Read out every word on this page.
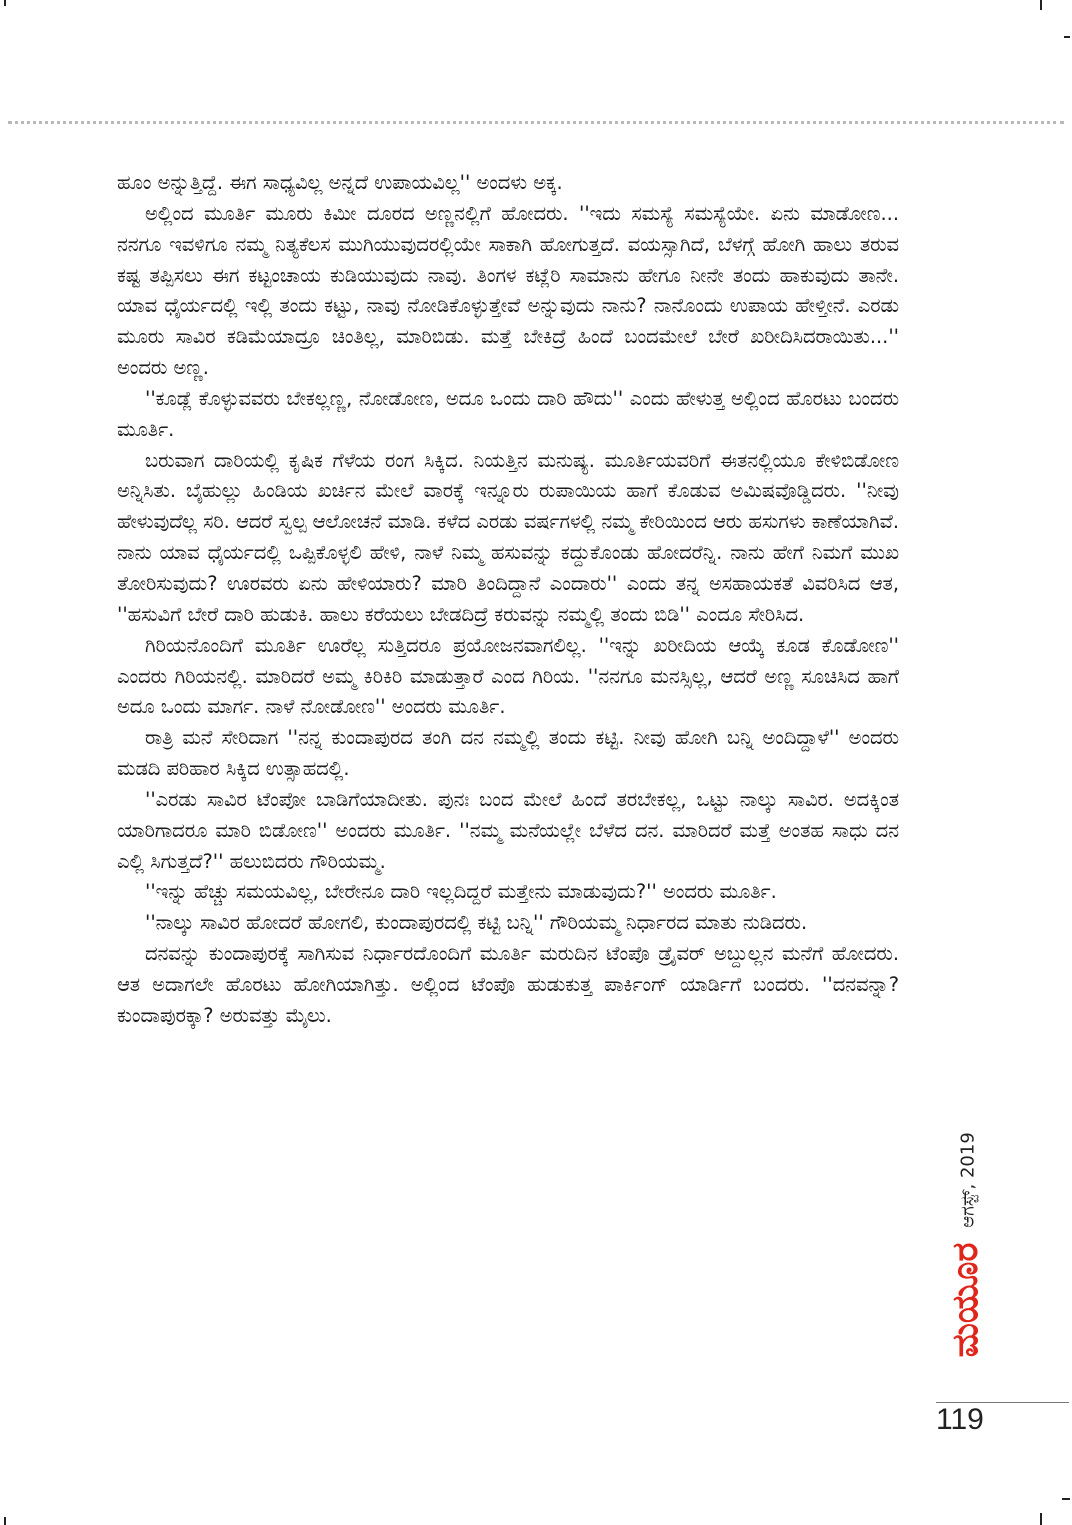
ಹೂಂ ಅನ್ನುತ್ತಿದ್ದೆ. ಈಗ ಸಾಧ್ಯವಿಲ್ಲ ಅನ್ನದೆ ಉಪಾಯವಿಲ್ಲ'' ಅಂದಳು ಅಕ್ಕ.

ಅಲ್ಲಿಂದ ಮೂರ್ತಿ ಮೂರು ಕಿಮೀ ದೂರದ ಅಣ್ಣನಲ್ಲಿಗೆ ಹೋದರು. ''ಇದು ಸಮಸ್ಯೆ ಸಮಸ್ಯೆಯೇ. ಏನು ಮಾಡೋಣ... ನನಗೂ ಇವಳಿಗೂ ನಮ್ಮ ನಿತ್ಯಕೆಲಸ ಮುಗಿಯುವುದರಲ್ಲಿಯೇ ಸಾಕಾಗಿ ಹೋಗುತ್ತದೆ. ವಯಸ್ಸಾಗಿದೆ, ಬೆಳಗ್ಗೆ ಹೋಗಿ ಹಾಲು ತರುವ ಕಷ್ಟ ತಪ್ಪಿಸಲು ಈಗ ಕಟ್ಟಂಚಾಯ ಕುಡಿಯುವುದು ನಾವು. ತಿಂಗಳ ಕಟ್ಲೆರಿ ಸಾಮಾನು ಹೇಗೂ ನೀನೇ ತಂದು ಹಾಕುವುದು ತಾನೇ. ಯಾವ ಧೈರ್ಯದಲ್ಲಿ ಇಲ್ಲಿ ತಂದು ಕಟ್ಟು, ನಾವು ನೋಡಿಕೊಳ್ಳುತ್ತೇವೆ ಅನ್ನುವುದು ನಾನು? ನಾನೊಂದು ಉಪಾಯ ಹೇಳ್ತೀನೆ. ಎರಡು ಮೂರು ಸಾವಿರ ಕಡಿಮೆಯಾದ್ರೂ ಚಿಂತಿಲ್ಲ, ಮಾರಿಬಿಡು. ಮತ್ತೆ ಬೇಕಿದ್ರೆ ಹಿಂದೆ ಬಂದಮೇಲೆ ಬೇರೆ ಖರೀದಿಸಿದರಾಯಿತು...'' ಅಂದರು ಅಣ್ಣ.

''ಕೂಡ್ಲೆ ಕೊಳ್ಳುವವರು ಬೇಕಲ್ಲಣ್ಣ, ನೋಡೋಣ, ಅದೂ ಒಂದು ದಾರಿ ಹೌದು'' ಎಂದು ಹೇಳುತ್ತ ಅಲ್ಲಿಂದ ಹೊರಟು ಬಂದರು ಮೂರ್ತಿ.

ಬರುವಾಗ ದಾರಿಯಲ್ಲಿ ಕೃಷಿಕ ಗೆಳೆಯ ರಂಗ ಸಿಕ್ಕಿದ. ನಿಯತ್ತಿನ ಮನುಷ್ಯ. ಮೂರ್ತಿಯವರಿಗೆ ಈತನಲ್ಲಿಯೂ ಕೇಳಿಬಿಡೋಣ ಅನ್ನಿಸಿತು. ಬೈಹುಲ್ಲು ಹಿಂಡಿಯ ಖರ್ಚಿನ ಮೇಲೆ ವಾರಕ್ಕೆ ಇನ್ನೂರು ರುಪಾಯಿಯ ಹಾಗೆ ಕೊಡುವ ಅಮಿಷವೊಡ್ಡಿದರು. ''ನೀವು ಹೇಳುವುದೆಲ್ಲ ಸರಿ. ಆದರೆ ಸ್ವಲ್ಪ ಆಲೋಚನೆ ಮಾಡಿ. ಕಳೆದ ಎರಡು ವರ್ಷಗಳಲ್ಲಿ ನಮ್ಮ ಕೇರಿಯಿಂದ ಆರು ಹಸುಗಳು ಕಾಣೆಯಾಗಿವೆ. ನಾನು ಯಾವ ಧೈರ್ಯದಲ್ಲಿ ಒಪ್ಪಿಕೊಳ್ಳಲಿ ಹೇಳಿ, ನಾಳೆ ನಿಮ್ಮ ಹಸುವನ್ನು ಕದ್ದುಕೊಂಡು ಹೋದರೆನ್ನಿ. ನಾನು ಹೇಗೆ ನಿಮಗೆ ಮುಖ ತೋರಿಸುವುದು? ಊರವರು ಏನು ಹೇಳಿಯಾರು? ಮಾರಿ ತಿಂದಿದ್ದಾನೆ ಎಂದಾರು'' ಎಂದು ತನ್ನ ಅಸಹಾಯಕತೆ ವಿವರಿಸಿದ ಆತ, ''ಹಸುವಿಗೆ ಬೇರೆ ದಾರಿ ಹುಡುಕಿ. ಹಾಲು ಕರೆಯಲು ಬೇಡದಿದ್ರೆ ಕರುವನ್ನು ನಮ್ಮಲ್ಲಿ ತಂದು ಬಿಡಿ'' ಎಂದೂ ಸೇರಿಸಿದ.

ಗಿರಿಯನೊಂದಿಗೆ ಮೂರ್ತಿ ಊರೆಲ್ಲ ಸುತ್ತಿದರೂ ಪ್ರಯೋಜನವಾಗಲಿಲ್ಲ. ''ಇನ್ನು ಖರೀದಿಯ ಆಯ್ಕೆ ಕೂಡ ಕೊಡೋಣ'' ಎಂದರು ಗಿರಿಯನಲ್ಲಿ. ಮಾರಿದರೆ ಅಮ್ಮ ಕಿರಿಕಿರಿ ಮಾಡುತ್ತಾರೆ ಎಂದ ಗಿರಿಯ. ''ನನಗೂ ಮನಸ್ಸಿಲ್ಲ, ಆದರೆ ಅಣ್ಣ ಸೂಚಿಸಿದ ಹಾಗೆ ಅದೂ ಒಂದು ಮಾರ್ಗ. ನಾಳೆ ನೋಡೋಣ'' ಅಂದರು ಮೂರ್ತಿ.

ರಾತ್ರಿ ಮನೆ ಸೇರಿದಾಗ ''ನನ್ನ ಕುಂದಾಪುರದ ತಂಗಿ ದನ ನಮ್ಮಲ್ಲಿ ತಂದು ಕಟ್ಟಿ. ನೀವು ಹೋಗಿ ಬನ್ನಿ ಅಂದಿದ್ದಾಳೆ'' ಅಂದರು ಮಡದಿ ಪರಿಹಾರ ಸಿಕ್ಕಿದ ಉತ್ಸಾಹದಲ್ಲಿ.

''ಎರಡು ಸಾವಿರ ಟೆಂಪೋ ಬಾಡಿಗೆಯಾದೀತು. ಪುನಃ ಬಂದ ಮೇಲೆ ಹಿಂದೆ ತರಬೇಕಲ್ಲ, ಒಟ್ಟು ನಾಲ್ಕು ಸಾವಿರ. ಅದಕ್ಕಿಂತ ಯಾರಿಗಾದರೂ ಮಾರಿ ಬಿಡೋಣ'' ಅಂದರು ಮೂರ್ತಿ. ''ನಮ್ಮ ಮನೆಯಲ್ಲೇ ಬೆಳೆದ ದನ. ಮಾರಿದರೆ ಮತ್ತೆ ಅಂತಹ ಸಾಧು ದನ ಎಲ್ಲಿ ಸಿಗುತ್ತದೆ?'' ಹಲುಬಿದರು ಗೌರಿಯಮ್ಮ.

''ಇನ್ನು ಹೆಚ್ಚು ಸಮಯವಿಲ್ಲ, ಬೇರೇನೂ ದಾರಿ ಇಲ್ಲದಿದ್ದರೆ ಮತ್ತೇನು ಮಾಡುವುದು?'' ಅಂದರು ಮೂರ್ತಿ.

''ನಾಲ್ಕು ಸಾವಿರ ಹೋದರೆ ಹೋಗಲಿ, ಕುಂದಾಪುರದಲ್ಲಿ ಕಟ್ಟಿ ಬನ್ನಿ'' ಗೌರಿಯಮ್ಮ ನಿರ್ಧಾರದ ಮಾತು ನುಡಿದರು.

ದನವನ್ನು ಕುಂದಾಪುರಕ್ಕೆ ಸಾಗಿಸುವ ನಿರ್ಧಾರದೊಂದಿಗೆ ಮೂರ್ತಿ ಮರುದಿನ ಟೆಂಪೊ ಡ್ರೈವರ್ ಅಬ್ದುಲ್ಲನ ಮನೆಗೆ ಹೋದರು. ಆತ ಅದಾಗಲೇ ಹೊರಟು ಹೋಗಿಯಾಗಿತ್ತು. ಅಲ್ಲಿಂದ ಟೆಂಪೊ ಹುಡುಕುತ್ತ ಪಾರ್ಕಿಂಗ್ ಯಾರ್ಡಿಗೆ ಬಂದರು. ''ದನವನ್ನಾ? ಕುಂದಾಪುರಕ್ಕಾ? ಅರುವತ್ತು ಮೈಲು.

ಆಗಸ್ಟ್, 2019
ಮಯೂರ
119
